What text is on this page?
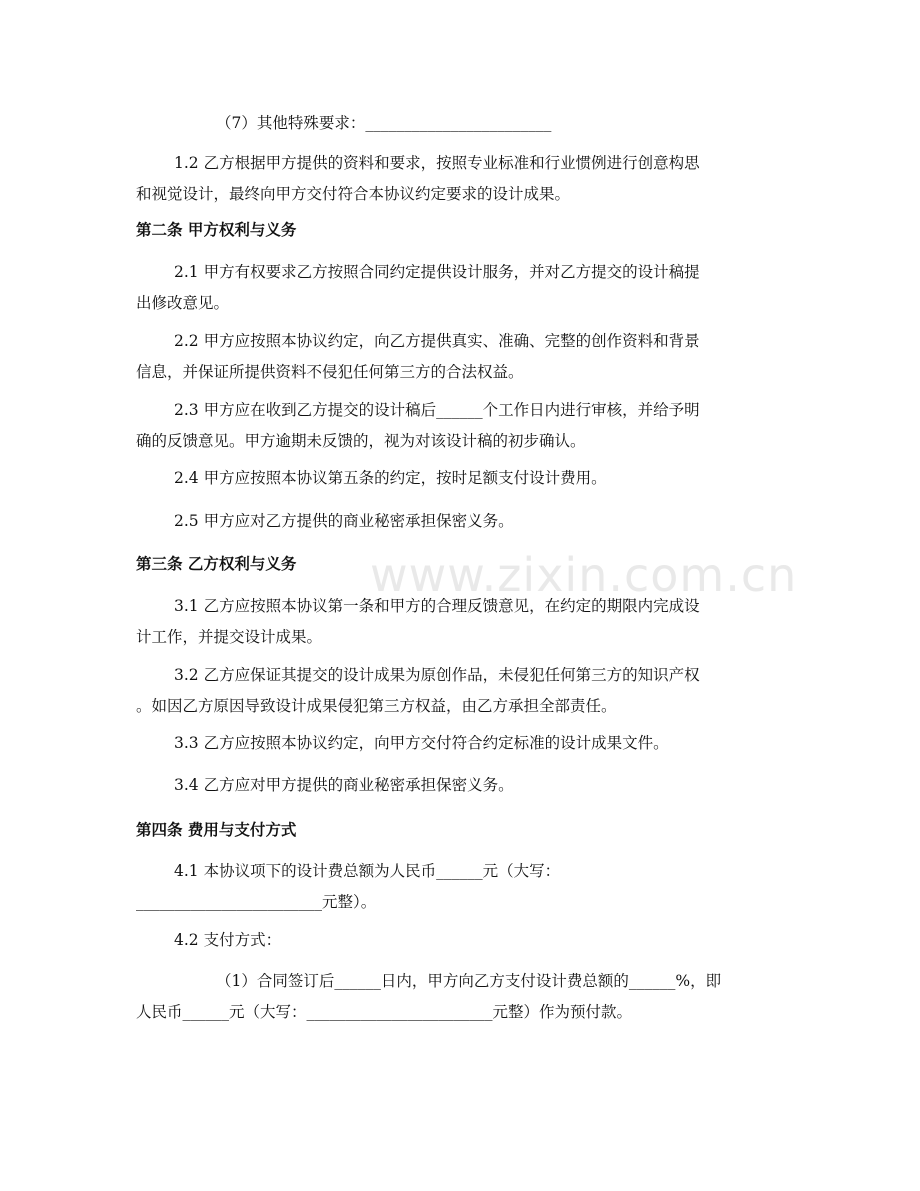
www.zixin.com.cn
（7）其他特殊要求：________________________
1.2 乙方根据甲方提供的资料和要求，按照专业标准和行业惯例进行创意构思
和视觉设计，最终向甲方交付符合本协议约定要求的设计成果。
第二条 甲方权利与义务
2.1 甲方有权要求乙方按照合同约定提供设计服务，并对乙方提交的设计稿提
出修改意见。
2.2 甲方应按照本协议约定，向乙方提供真实、准确、完整的创作资料和背景
信息，并保证所提供资料不侵犯任何第三方的合法权益。
2.3 甲方应在收到乙方提交的设计稿后______个工作日内进行审核，并给予明
确的反馈意见。甲方逾期未反馈的，视为对该设计稿的初步确认。
2.4 甲方应按照本协议第五条的约定，按时足额支付设计费用。
2.5 甲方应对乙方提供的商业秘密承担保密义务。
第三条 乙方权利与义务
3.1 乙方应按照本协议第一条和甲方的合理反馈意见，在约定的期限内完成设
计工作，并提交设计成果。
3.2 乙方应保证其提交的设计成果为原创作品，未侵犯任何第三方的知识产权
。如因乙方原因导致设计成果侵犯第三方权益，由乙方承担全部责任。
3.3 乙方应按照本协议约定，向甲方交付符合约定标准的设计成果文件。
3.4 乙方应对甲方提供的商业秘密承担保密义务。
第四条 费用与支付方式
4.1 本协议项下的设计费总额为人民币______元（大写：
________________________元整）。
4.2 支付方式：
（1）合同签订后______日内，甲方向乙方支付设计费总额的______%，即
人民币______元（大写：________________________元整）作为预付款。
